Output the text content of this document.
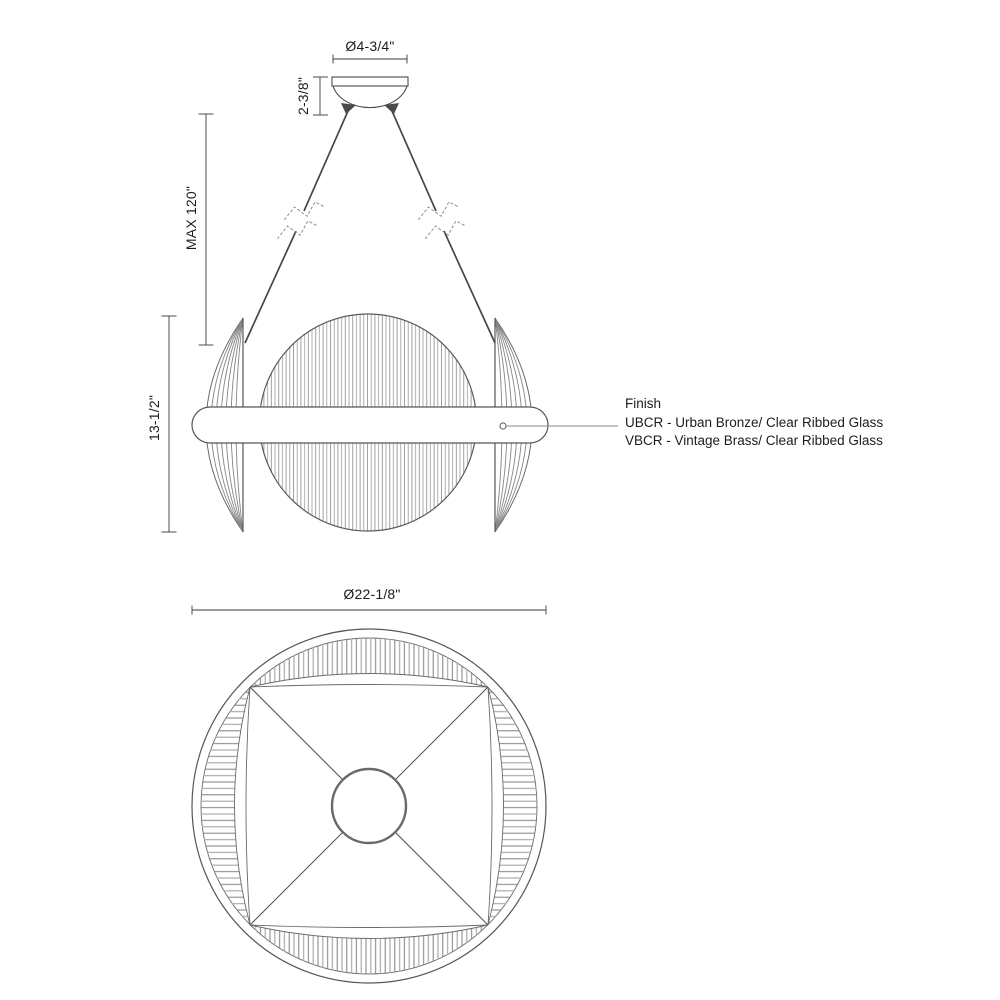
Ø4-3/4"
2-3/8"
MAX 120"
13-1/2"	Finish
UBCR - Urban Bronze/ Clear Ribbed Glass
VBCR - Vintage Brass/ Clear Ribbed Glass
Ø22-1/8"
